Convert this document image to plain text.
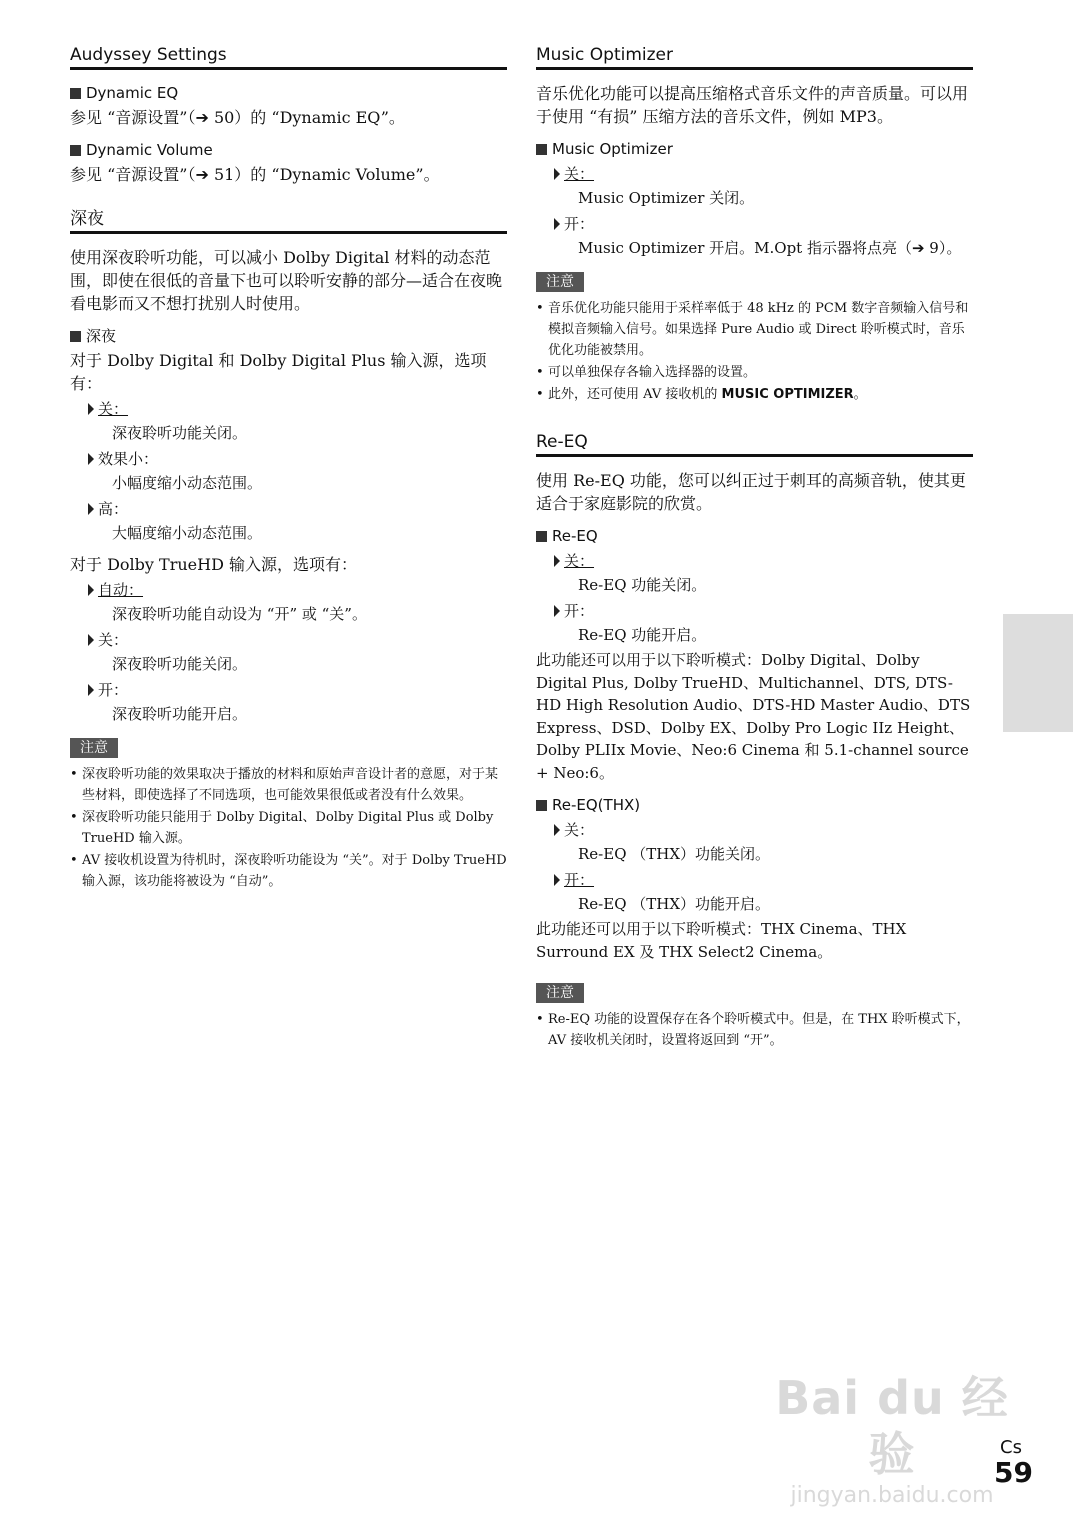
Audyssey Settings
Dynamic EQ
参见 “音源设置”（➔ 50）的 “Dynamic EQ”。
Dynamic Volume
参见 “音源设置”（➔ 51）的 “Dynamic Volume”。
深夜
使用深夜聆听功能，可以减小 Dolby Digital 材料的动态范围，即使在很低的音量下也可以聆听安静的部分—适合在夜晚看电影而又不想打扰别人时使用。
深夜
对于 Dolby Digital 和 Dolby Digital Plus 输入源，选项有：
关：
深夜聆听功能关闭。
效果小：
小幅度缩小动态范围。
高：
大幅度缩小动态范围。
对于 Dolby TrueHD 输入源，选项有：
自动：
深夜聆听功能自动设为 “开” 或 “关”。
关：
深夜聆听功能关闭。
开：
深夜聆听功能开启。
注意
• 深夜聆听功能的效果取决于播放的材料和原始声音设计者的意愿，对于某些材料，即使选择了不同选项，也可能效果很低或者没有什么效果。
• 深夜聆听功能只能用于 Dolby Digital、Dolby Digital Plus 或 Dolby TrueHD 输入源。
• AV 接收机设置为待机时，深夜聆听功能设为 “关”。对于 Dolby TrueHD 输入源，该功能将被设为 “自动”。
Music Optimizer
音乐优化功能可以提高压缩格式音乐文件的声音质量。可以用于使用 “有损” 压缩方法的音乐文件，例如 MP3。
Music Optimizer
关：
Music Optimizer 关闭。
开：
Music Optimizer 开启。M.Opt 指示器将点亮（➔ 9）。
注意
• 音乐优化功能只能用于采样率低于 48 kHz 的 PCM 数字音频输入信号和模拟音频输入信号。如果选择 Pure Audio 或 Direct 聆听模式时，音乐优化功能被禁用。
• 可以单独保存各输入选择器的设置。
• 此外，还可使用 AV 接收机的 MUSIC OPTIMIZER。
Re-EQ
使用 Re-EQ 功能，您可以纠正过于刺耳的高频音轨，使其更适合于家庭影院的欣赏。
Re-EQ
关：
Re-EQ 功能关闭。
开：
Re-EQ 功能开启。
此功能还可以用于以下聆听模式：Dolby Digital、Dolby Digital Plus, Dolby TrueHD、Multichannel、DTS, DTS-HD High Resolution Audio、DTS-HD Master Audio、DTS Express、DSD、Dolby EX、Dolby Pro Logic IIz Height、Dolby PLIIx Movie、Neo:6 Cinema 和 5.1-channel source + Neo:6。
Re-EQ(THX)
关：
Re-EQ （THX）功能关闭。
开：
Re-EQ （THX）功能开启。
此功能还可以用于以下聆听模式：THX Cinema、THX Surround EX 及 THX Select2 Cinema。
注意
• Re-EQ 功能的设置保存在各个聆听模式中。但是，在 THX 聆听模式下，AV 接收机关闭时，设置将返回到 “开”。
Bai du 经验
jingyan.baidu.com
Cs
59
